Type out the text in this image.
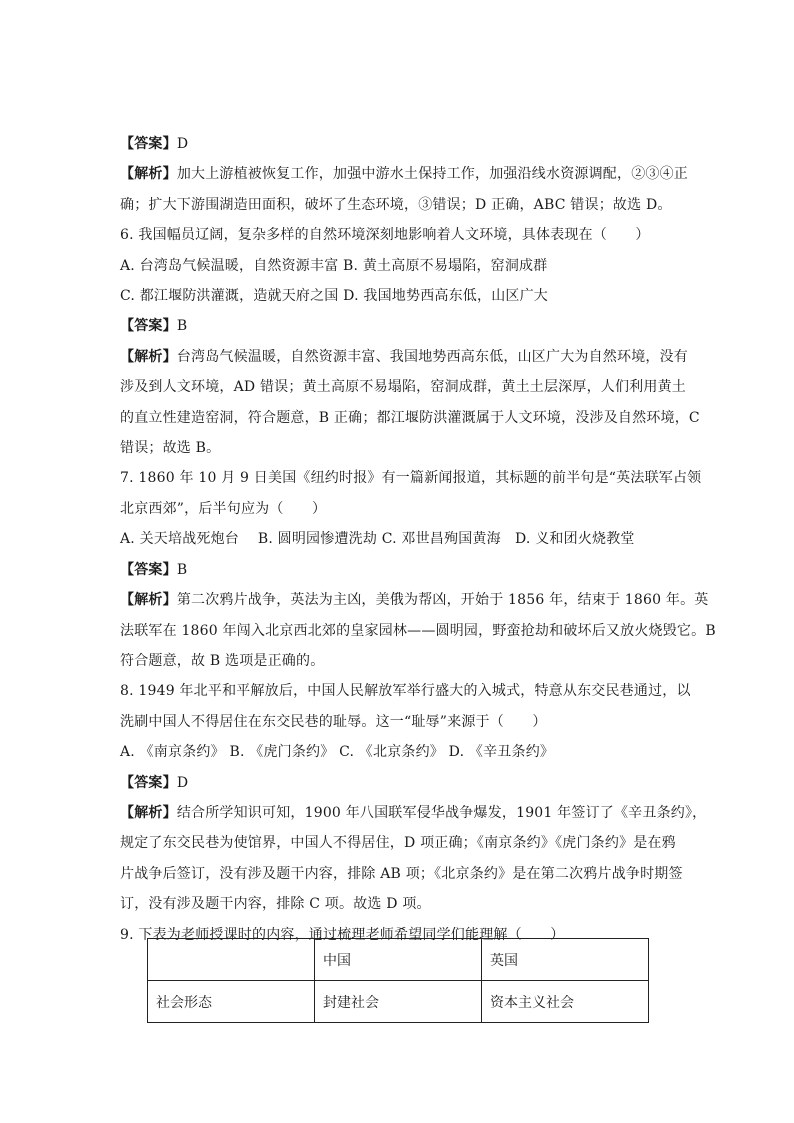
【答案】D
【解析】加大上游植被恢复工作，加强中游水土保持工作，加强沿线水资源调配，②③④正
确；扩大下游围湖造田面积，破坏了生态环境，③错误；D 正确，ABC 错误；故选 D。
6. 我国幅员辽阔，复杂多样的自然环境深刻地影响着人文环境，具体表现在（　　）
A. 台湾岛气候温暖，自然资源丰富 B. 黄土高原不易塌陷，窑洞成群
C. 都江堰防洪灌溉，造就天府之国 D. 我国地势西高东低，山区广大
【答案】B
【解析】台湾岛气候温暖，自然资源丰富、我国地势西高东低，山区广大为自然环境，没有
涉及到人文环境，AD 错误；黄土高原不易塌陷，窑洞成群，黄土土层深厚，人们利用黄土
的直立性建造窑洞，符合题意，B 正确；都江堰防洪灌溉属于人文环境，没涉及自然环境，C
错误；故选 B。
7. 1860 年 10 月 9 日美国《纽约时报》有一篇新闻报道，其标题的前半句是“英法联军占领
北京西郊”，后半句应为（　　）
A. 关天培战死炮台　 B. 圆明园惨遭洗劫 C. 邓世昌殉国黄海　D. 义和团火烧教堂
【答案】B
【解析】第二次鸦片战争，英法为主凶，美俄为帮凶，开始于 1856 年，结束于 1860 年。英
法联军在 1860 年闯入北京西北郊的皇家园林——圆明园，野蛮抢劫和破坏后又放火烧毁它。B
符合题意，故 B 选项是正确的。
8. 1949 年北平和平解放后，中国人民解放军举行盛大的入城式，特意从东交民巷通过，以
洗刷中国人不得居住在东交民巷的耻辱。这一“耻辱”来源于（　　）
A. 《南京条约》 B. 《虎门条约》 C. 《北京条约》 D. 《辛丑条约》
【答案】D
【解析】结合所学知识可知，1900 年八国联军侵华战争爆发，1901 年签订了《辛丑条约》，
规定了东交民巷为使馆界，中国人不得居住，D 项正确；《南京条约》《虎门条约》是在鸦
片战争后签订，没有涉及题干内容，排除 AB 项；《北京条约》是在第二次鸦片战争时期签
订，没有涉及题干内容，排除 C 项。故选 D 项。
9. 下表为老师授课时的内容，通过梳理老师希望同学们能理解（　　）
	中国	英国
社会形态	封建社会	资本主义社会
